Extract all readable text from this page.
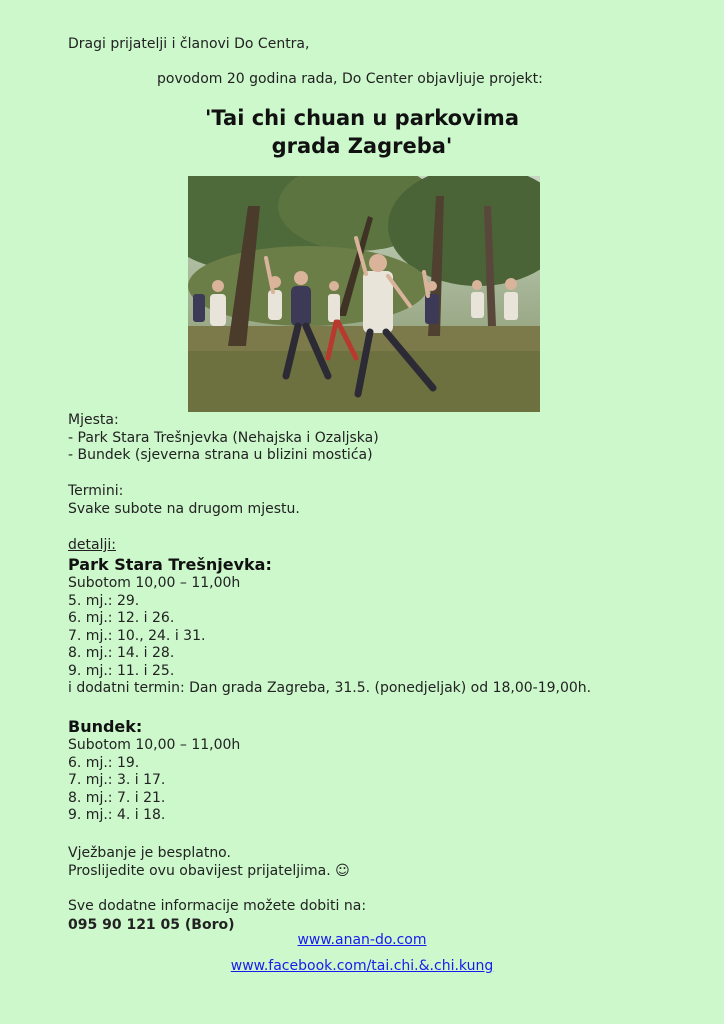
Dragi prijatelji i članovi Do Centra,
povodom 20 godina rada, Do Center objavljuje projekt:
'Tai chi chuan u parkovima
grada Zagreba'
Mjesta:
- Park Stara Trešnjevka (Nehajska i Ozaljska)
- Bundek (sjeverna strana u blizini mostića)
Termini:
Svake subote na drugom mjestu.
detalji:
Park Stara Trešnjevka:
Subotom 10,00 – 11,00h
5. mj.: 29.
6. mj.: 12. i 26.
7. mj.: 10., 24. i 31.
8. mj.: 14. i 28.
9. mj.: 11. i 25.
i dodatni termin: Dan grada Zagreba, 31.5. (ponedjeljak) od 18,00-19,00h.
Bundek:
Subotom 10,00 – 11,00h
6. mj.: 19.
7. mj.: 3. i 17.
8. mj.: 7. i 21.
9. mj.: 4. i 18.
Vježbanje je besplatno.
Proslijedite ovu obavijest prijateljima. ☺
Sve dodatne informacije možete dobiti na:
095 90 121 05 (Boro)
www.anan-do.com
www.facebook.com/tai.chi.&.chi.kung
